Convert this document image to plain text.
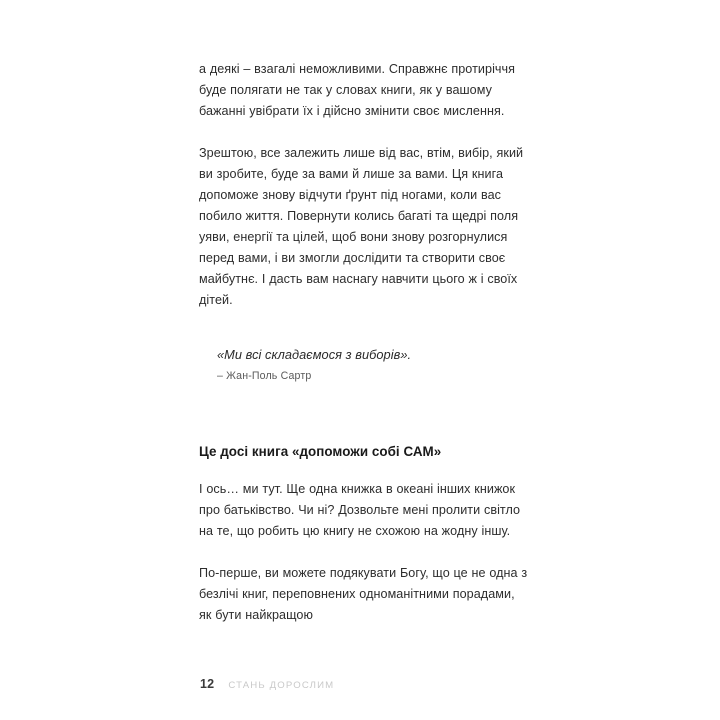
а деякі – взагалі неможливими. Справжнє протиріччя буде полягати не так у словах книги, як у вашому бажанні увібрати їх і дійсно змінити своє мислення.

Зрештою, все залежить лише від вас, втім, вибір, який ви зробите, буде за вами й лише за вами. Ця книга допоможе знову відчути ґрунт під ногами, коли вас побило життя. Повернути колись багаті та щедрі поля уяви, енергії та цілей, щоб вони знову розгорнулися перед вами, і ви змогли дослідити та створити своє майбутнє. І дасть вам наснагу навчити цього ж і своїх дітей.

«Ми всі складаємося з виборів».

– Жан-Поль Сартр

Це досі книга «допоможи собі САМ»

І ось… ми тут. Ще одна книжка в океані інших книжок про батьківство. Чи ні? Дозвольте мені пролити світло на те, що робить цю книгу не схожою на жодну іншу.

По-перше, ви можете подякувати Богу, що це не одна з безлічі книг, переповнених одноманітними порадами, як бути найкращою

12 СТАНЬ ДОРОСЛИМ
